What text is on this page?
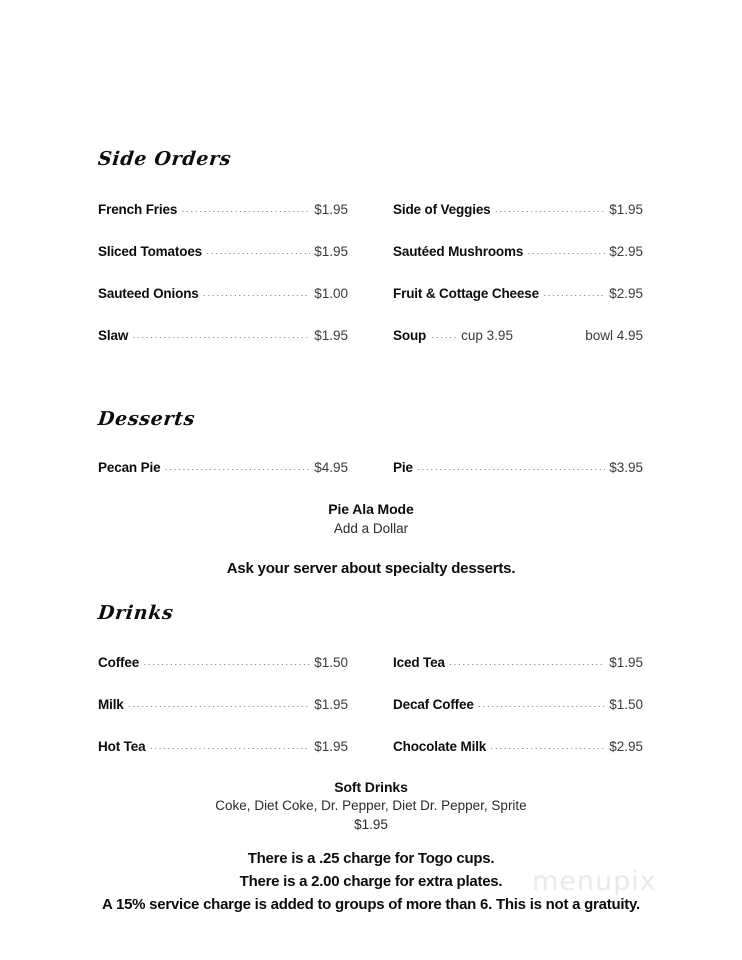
menupix
Side Orders
French Fries .....	$1.95	Side of Veggies .....	$1.95
Sliced Tomatoes .....	$1.95	Sautéed Mushrooms .....	$2.95
Sauteed Onions .....	$1.00	Fruit & Cottage Cheese .....	$2.95
Slaw .....	$1.95	Soup .....	cup 3.95	bowl 4.95
Desserts
Pecan Pie .....	$4.95	Pie .....	$3.95
Pie Ala Mode
Add a Dollar
Ask your server about specialty desserts.
Drinks
Coffee .....	$1.50	Iced Tea .....	$1.95
Milk .....	$1.95	Decaf Coffee .....	$1.50
Hot Tea .....	$1.95	Chocolate Milk .....	$2.95
Soft Drinks
Coke, Diet Coke, Dr. Pepper, Diet Dr. Pepper, Sprite
$1.95
There is a .25 charge for Togo cups.
There is a 2.00 charge for extra plates.
A 15% service charge is added to groups of more than 6. This is not a gratuity.
